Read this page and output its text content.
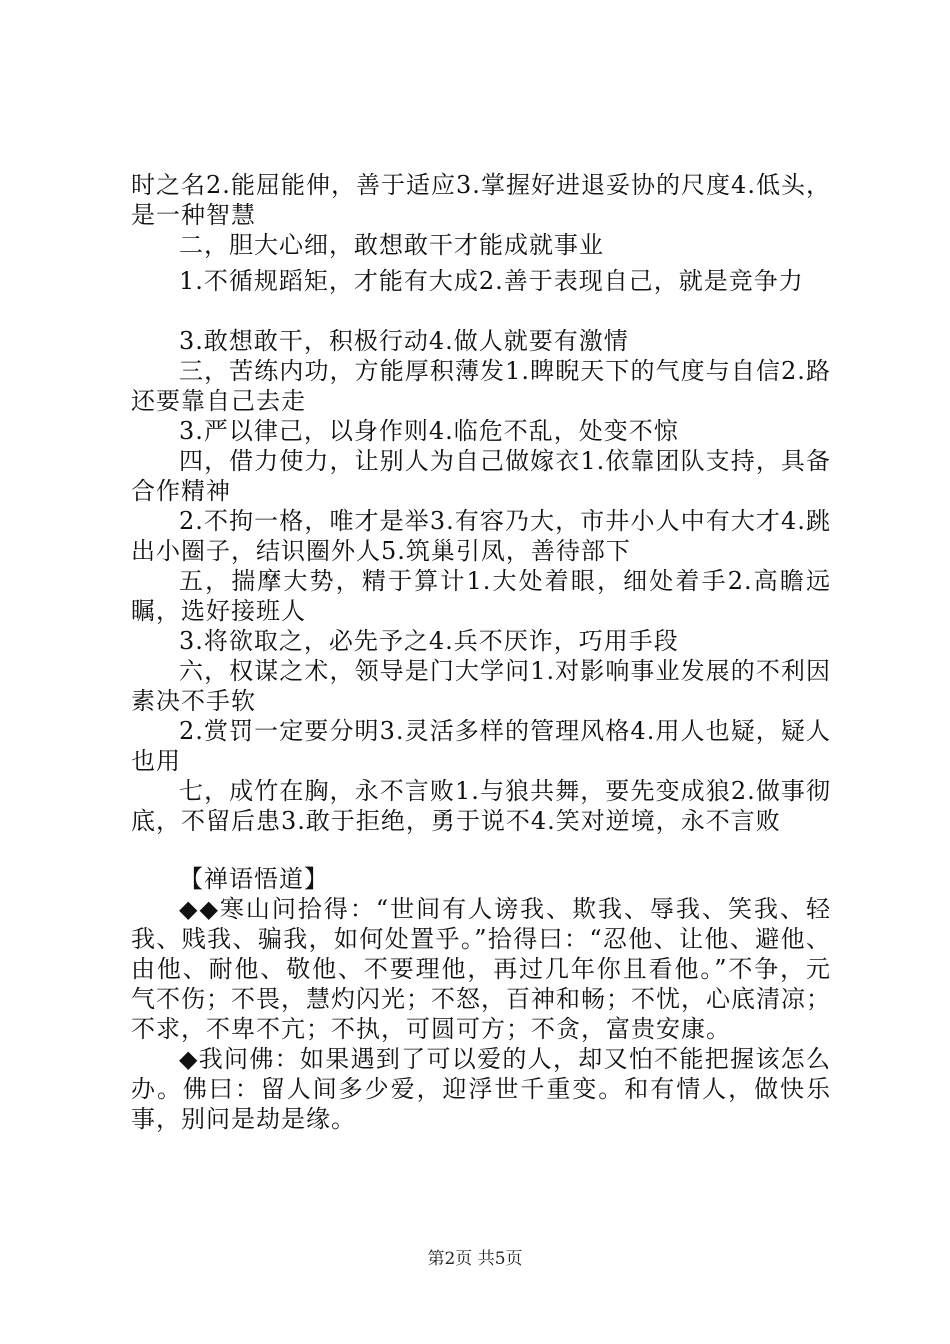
时之名2.能屈能伸，善于适应3.掌握好进退妥协的尺度4.低头，是一种智慧

二，胆大心细，敢想敢干才能成就事业

1.不循规蹈矩，才能有大成2.善于表现自己，就是竞争力

3.敢想敢干，积极行动4.做人就要有激情

三，苦练内功，方能厚积薄发1.睥睨天下的气度与自信2.路还要靠自己去走

3.严以律己，以身作则4.临危不乱，处变不惊

四，借力使力，让别人为自己做嫁衣1.依靠团队支持，具备合作精神

2.不拘一格，唯才是举3.有容乃大，市井小人中有大才4.跳出小圈子，结识圈外人5.筑巢引凤，善待部下

五，揣摩大势，精于算计1.大处着眼，细处着手2.高瞻远瞩，选好接班人

3.将欲取之，必先予之4.兵不厌诈，巧用手段

六，权谋之术，领导是门大学问1.对影响事业发展的不利因素决不手软

2.赏罚一定要分明3.灵活多样的管理风格4.用人也疑，疑人也用

七，成竹在胸，永不言败1.与狼共舞，要先变成狼2.做事彻底，不留后患3.敢于拒绝，勇于说不4.笑对逆境，永不言败

【禅语悟道】

◆◆寒山问拾得：“世间有人谤我、欺我、辱我、笑我、轻我、贱我、骗我，如何处置乎。”拾得曰：“忍他、让他、避他、由他、耐他、敬他、不要理他，再过几年你且看他。”不争，元气不伤；不畏，慧灼闪光；不怒，百神和畅；不忧，心底清凉；不求，不卑不亢；不执，可圆可方；不贪，富贵安康。

◆我问佛：如果遇到了可以爱的人，却又怕不能把握该怎么办。佛曰：留人间多少爱，迎浮世千重变。和有情人，做快乐事，别问是劫是缘。

第2页 共5页
